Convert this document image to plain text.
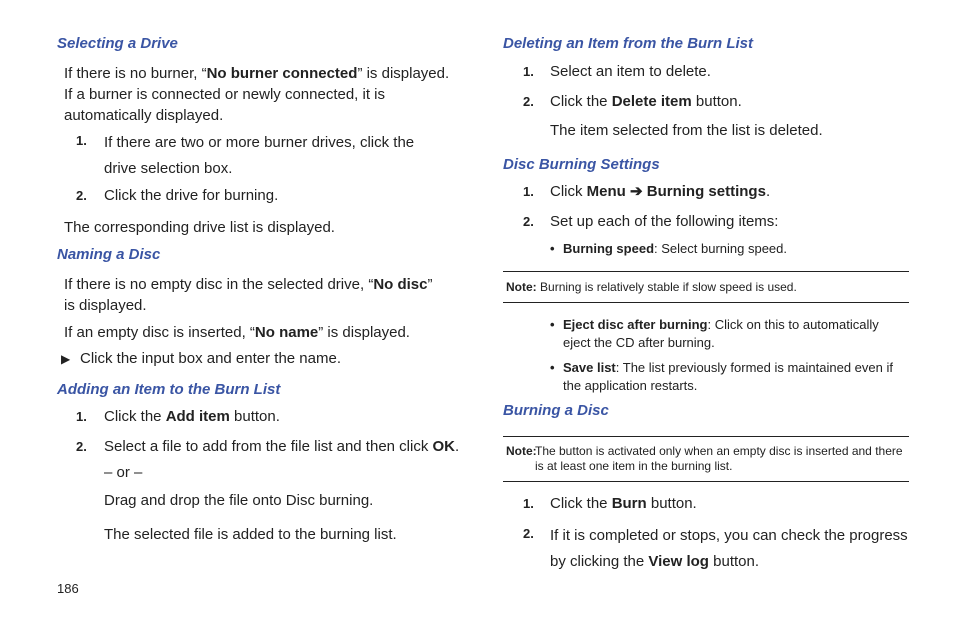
Selecting a Drive
If there is no burner, “No burner connected” is displayed. If a burner is connected or newly connected, it is automatically displayed.
1. If there are two or more burner drives, click the drive selection box.
2. Click the drive for burning.
The corresponding drive list is displayed.
Naming a Disc
If there is no empty disc in the selected drive, “No disc” is displayed.
If an empty disc is inserted, “No name” is displayed.
▶ Click the input box and enter the name.
Adding an Item to the Burn List
1. Click the Add item button.
2. Select a file to add from the file list and then click OK.
– or –
Drag and drop the file onto Disc burning.
The selected file is added to the burning list.
186
Deleting an Item from the Burn List
1. Select an item to delete.
2. Click the Delete item button.
The item selected from the list is deleted.
Disc Burning Settings
1. Click Menu ➔ Burning settings.
2. Set up each of the following items:
• Burning speed: Select burning speed.
Note: Burning is relatively stable if slow speed is used.
• Eject disc after burning: Click on this to automatically eject the CD after burning.
• Save list: The list previously formed is maintained even if the application restarts.
Burning a Disc
Note:
The button is activated only when an empty disc is inserted and there is at least one item in the burning list.
1. Click the Burn button.
2. If it is completed or stops, you can check the progress by clicking the View log button.
